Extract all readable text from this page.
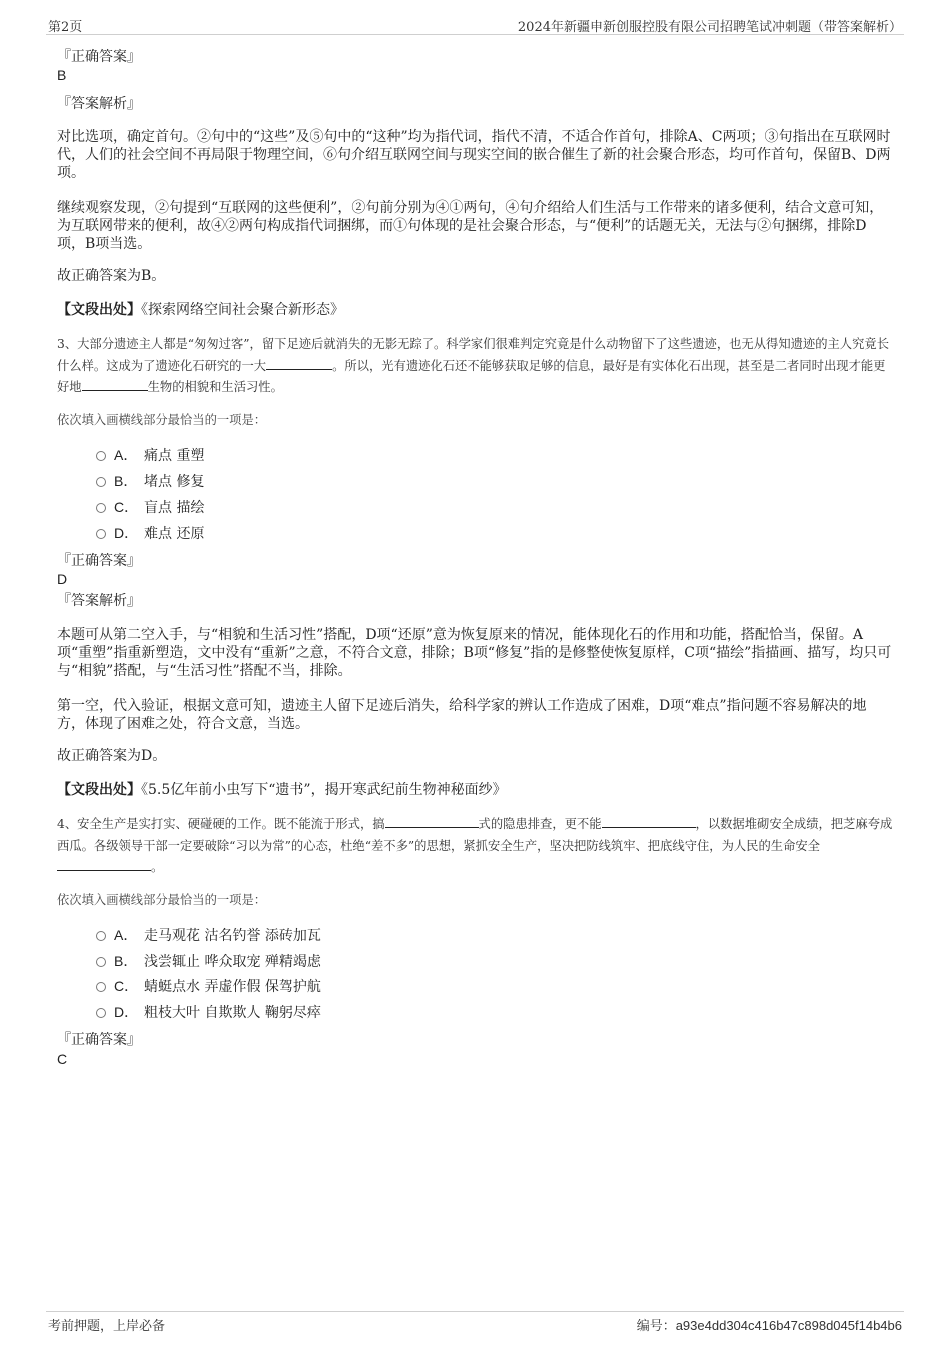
第2页	2024年新疆申新创服控股有限公司招聘笔试冲刺题（带答案解析）
『正确答案』
B
『答案解析』
对比选项，确定首句。②句中的“这些”及⑤句中的“这种”均为指代词，指代不清，不适合作首句，排除A、C两项；③句指出在互联网时代，人们的社会空间不再局限于物理空间，⑥句介绍互联网空间与现实空间的嵌合催生了新的社会聚合形态，均可作首句，保留B、D两项。
继续观察发现，②句提到“互联网的这些便利”，②句前分别为④①两句，④句介绍给人们生活与工作带来的诸多便利，结合文意可知，为互联网带来的便利，故④②两句构成指代词捆绑，而①句体现的是社会聚合形态，与“便利”的话题无关，无法与②句捆绑，排除D项，B项当选。
故正确答案为B。
【文段出处】《探索网络空间社会聚合新形态》
3、大部分遗迹主人都是“匆匆过客”，留下足迹后就消失的无影无踪了。科学家们很难判定究竟是什么动物留下了这些遗迹，也无从得知遗迹的主人究竟长什么样。这成为了遗迹化石研究的一大	。所以，光有遗迹化石还不能够获取足够的信息，最好是有实体化石出现，甚至是二者同时出现才能更好地	生物的相貌和生活习性。
依次填入画横线部分最恰当的一项是：
A． 痛点 重塑
B． 堵点 修复
C． 盲点 描绘
D． 难点 还原
『正确答案』
D
『答案解析』
本题可从第二空入手，与“相貌和生活习性”搭配，D项“还原”意为恢复原来的情况，能体现化石的作用和功能，搭配恰当，保留。A项“重塑”指重新塑造，文中没有“重新”之意，不符合文意，排除；B项“修复”指的是修整使恢复原样，C项“描绘”指描画、描写，均只可与“相貌”搭配，与“生活习性”搭配不当，排除。
第一空，代入验证，根据文意可知，遗迹主人留下足迹后消失，给科学家的辨认工作造成了困难，D项“难点”指问题不容易解决的地方，体现了困难之处，符合文意，当选。
故正确答案为D。
【文段出处】《5.5亿年前小虫写下“遗书”，揭开寒武纪前生物神秘面纱》
4、安全生产是实打实、硬碰硬的工作。既不能流于形式，搞	式的隐患排查，更不能	，以数据堆砌安全成绩，把芝麻夸成西瓜。各级领导干部一定要破除“习以为常”的心态，杜绝“差不多”的思想，紧抓安全生产，坚决把防线筑牢、把底线守住，为人民的生命安全。
依次填入画横线部分最恰当的一项是：
A． 走马观花 沽名钓誉 添砖加瓦
B． 浅尝辄止 哗众取宠 殚精竭虑
C． 蜻蜓点水 弄虚作假 保驾护航
D． 粗枝大叶 自欺欺人 鞠躬尽瘁
『正确答案』
C
考前押题，上岸必备	编号：a93e4dd304c416b47c898d045f14b4b6
